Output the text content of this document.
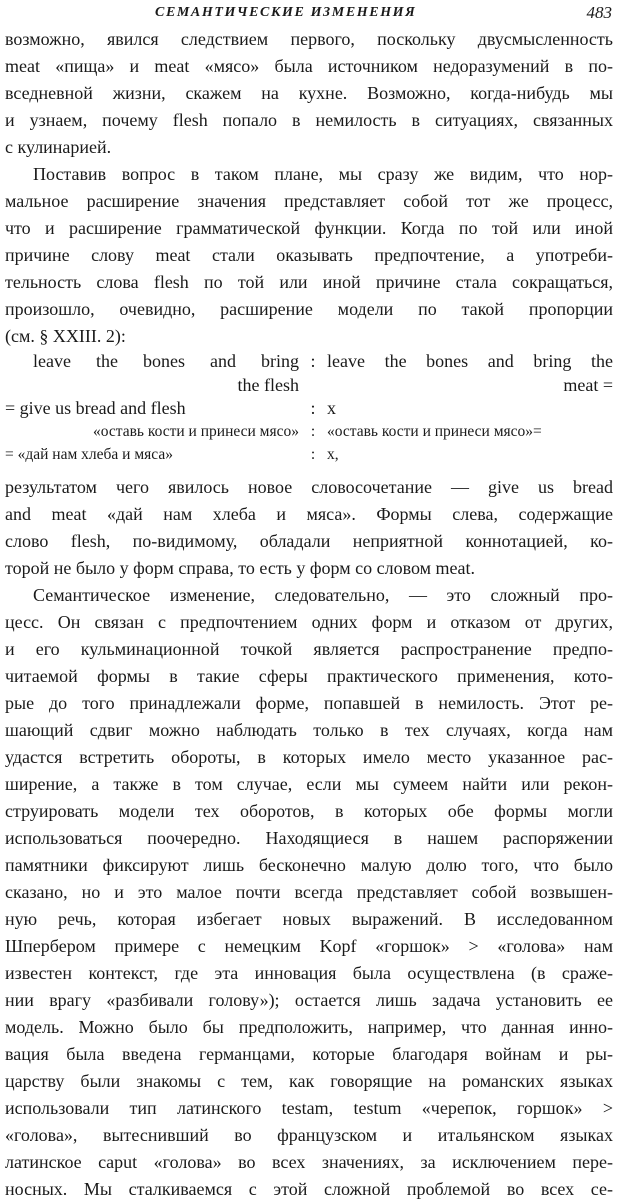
СЕМАНТИЧЕСКИЕ ИЗМЕНЕНИЯ	483
возможно, явился следствием первого, поскольку двусмысленность
meat «пища» и meat «мясо» была источником недоразумений в по-
вседневной жизни, скажем на кухне. Возможно, когда-нибудь мы
и узнаем, почему flesh попало в немилость в ситуациях, связанных
с кулинарией.
Поставив вопрос в таком плане, мы сразу же видим, что нор-
мальное расширение значения представляет собой тот же процесс,
что и расширение грамматической функции. Когда по той или иной
причине слову meat стали оказывать предпочтение, а употреби-
тельность слова flesh по той или иной причине стала сокращаться,
произошло, очевидно, расширение модели по такой пропорции
(см. § XXIII. 2):
leave the bones and bring : leave the bones and bring the
the flesh	meat =
= give us bread and flesh	: x
«оставь кости и принеси мясо» : «оставь кости и принеси мясо»=
= «дай нам хлеба и мяса»	: x,
результатом чего явилось новое словосочетание — give us bread
and meat «дай нам хлеба и мяса». Формы слева, содержащие
слово flesh, по-видимому, обладали неприятной коннотацией, ко-
торой не было у форм справа, то есть у форм со словом meat.
Семантическое изменение, следовательно, — это сложный про-
цесс. Он связан с предпочтением одних форм и отказом от других,
и его кульминационной точкой является распространение предпо-
читаемой формы в такие сферы практического применения, кото-
рые до того принадлежали форме, попавшей в немилость. Этот ре-
шающий сдвиг можно наблюдать только в тех случаях, когда нам
удастся встретить обороты, в которых имело место указанное рас-
ширение, а также в том случае, если мы сумеем найти или рекон-
струировать модели тех оборотов, в которых обе формы могли
использоваться поочередно. Находящиеся в нашем распоряжении
памятники фиксируют лишь бесконечно малую долю того, что было
сказано, но и это малое почти всегда представляет собой возвышен-
ную речь, которая избегает новых выражений. В исследованном
Шпербером примере с немецким Kopf «горшок» > «голова» нам
известен контекст, где эта инновация была осуществлена (в сраже-
нии врагу «разбивали голову»); остается лишь задача установить ее
модель. Можно было бы предположить, например, что данная инно-
вация была введена германцами, которые благодаря войнам и ры-
царству были знакомы с тем, как говорящие на романских языках
использовали тип латинского testam, testum «черепок, горшок» >
«голова», вытеснивший во французском и итальянском языках
латинское caput «голова» во всех значениях, за исключением пере-
носных. Мы сталкиваемся с этой сложной проблемой во всех се-
